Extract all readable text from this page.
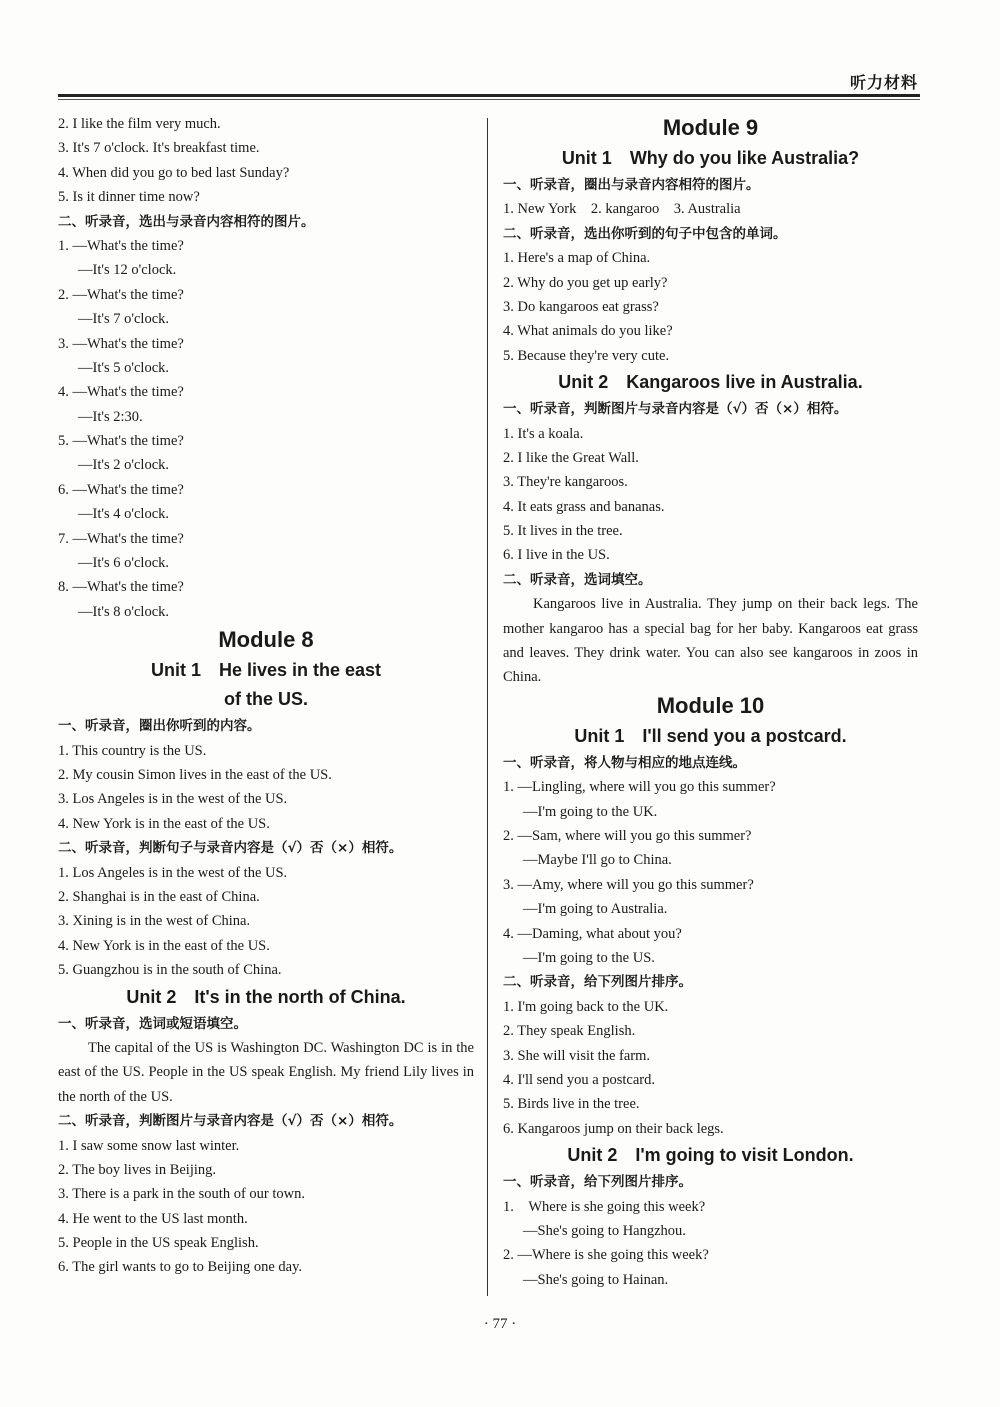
听力材料
2. I like the film very much.
3. It's 7 o'clock. It's breakfast time.
4. When did you go to bed last Sunday?
5. Is it dinner time now?
二、听录音，选出与录音内容相符的图片。
1. —What's the time?
—It's 12 o'clock.
2. —What's the time?
—It's 7 o'clock.
3. —What's the time?
—It's 5 o'clock.
4. —What's the time?
—It's 2:30.
5. —What's the time?
—It's 2 o'clock.
6. —What's the time?
—It's 4 o'clock.
7. —What's the time?
—It's 6 o'clock.
8. —What's the time?
—It's 8 o'clock.
Module 8
Unit 1　He lives in the east
of the US.
一、听录音，圈出你听到的内容。
1. This country is the US.
2. My cousin Simon lives in the east of the US.
3. Los Angeles is in the west of the US.
4. New York is in the east of the US.
二、听录音，判断句子与录音内容是（√）否（×）相符。
1. Los Angeles is in the west of the US.
2. Shanghai is in the east of China.
3. Xining is in the west of China.
4. New York is in the east of the US.
5. Guangzhou is in the south of China.
Unit 2　It's in the north of China.
一、听录音，选词或短语填空。
The capital of the US is Washington DC. Washington DC is in the east of the US. People in the US speak English. My friend Lily lives in the north of the US.
二、听录音，判断图片与录音内容是（√）否（×）相符。
1. I saw some snow last winter.
2. The boy lives in Beijing.
3. There is a park in the south of our town.
4. He went to the US last month.
5. People in the US speak English.
6. The girl wants to go to Beijing one day.
Module 9
Unit 1　Why do you like Australia?
一、听录音，圈出与录音内容相符的图片。
1. New York　2. kangaroo　3. Australia
二、听录音，选出你听到的句子中包含的单词。
1. Here's a map of China.
2. Why do you get up early?
3. Do kangaroos eat grass?
4. What animals do you like?
5. Because they're very cute.
Unit 2　Kangaroos live in Australia.
一、听录音，判断图片与录音内容是（√）否（×）相符。
1. It's a koala.
2. I like the Great Wall.
3. They're kangaroos.
4. It eats grass and bananas.
5. It lives in the tree.
6. I live in the US.
二、听录音，选词填空。
Kangaroos live in Australia. They jump on their back legs. The mother kangaroo has a special bag for her baby. Kangaroos eat grass and leaves. They drink water. You can also see kangaroos in zoos in China.
Module 10
Unit 1　I'll send you a postcard.
一、听录音，将人物与相应的地点连线。
1. —Lingling, where will you go this summer?
—I'm going to the UK.
2. —Sam, where will you go this summer?
—Maybe I'll go to China.
3. —Amy, where will you go this summer?
—I'm going to Australia.
4. —Daming, what about you?
—I'm going to the US.
二、听录音，给下列图片排序。
1. I'm going back to the UK.
2. They speak English.
3. She will visit the farm.
4. I'll send you a postcard.
5. Birds live in the tree.
6. Kangaroos jump on their back legs.
Unit 2　I'm going to visit London.
一、听录音，给下列图片排序。
1.　Where is she going this week?
—She's going to Hangzhou.
2. —Where is she going this week?
—She's going to Hainan.
· 77 ·
